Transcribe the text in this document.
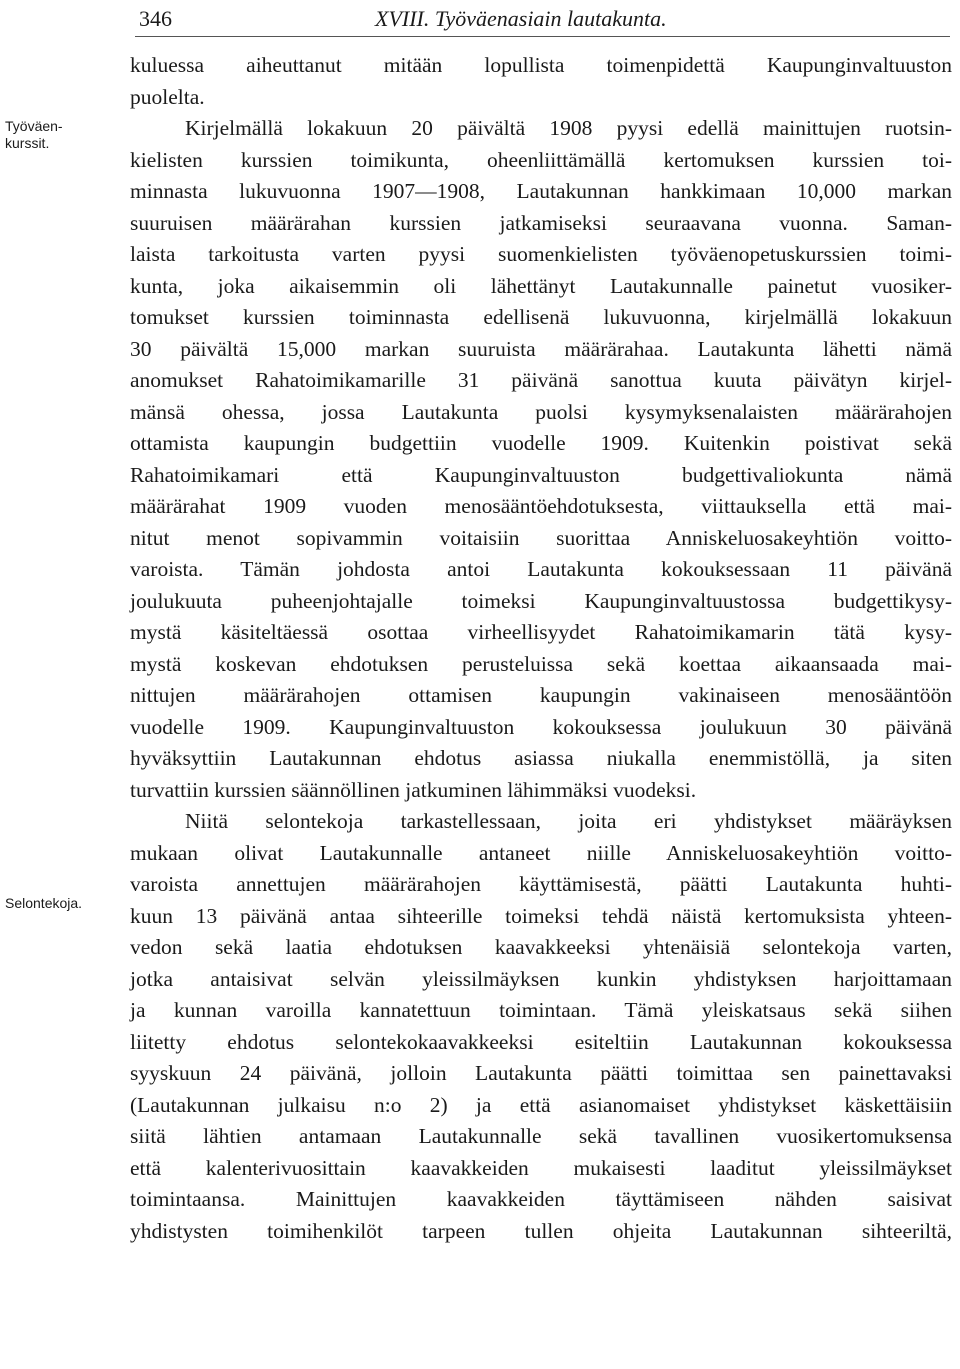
346	XVIII. Työväenasiain lautakunta.
Työväen-
kurssit.
Selontekoja.
kuluessa aiheuttanut mitään lopullista toimenpidettä Kaupunginvaltuuston
puolelta.
Kirjelmällä lokakuun 20 päivältä 1908 pyysi edellä mainittujen ruotsin-
kielisten kurssien toimikunta, oheenliittämällä kertomuksen kurssien toi-
minnasta lukuvuonna 1907—1908, Lautakunnan hankkimaan 10,000 markan
suuruisen määrärahan kurssien jatkamiseksi seuraavana vuonna. Saman-
laista tarkoitusta varten pyysi suomenkielisten työväenopetuskurssien toimi-
kunta, joka aikaisemmin oli lähettänyt Lautakunnalle painetut vuosiker-
tomukset kurssien toiminnasta edellisenä lukuvuonna, kirjelmällä lokakuun
30 päivältä 15,000 markan suuruista määrärahaa. Lautakunta lähetti nämä
anomukset Rahatoimikamarille 31 päivänä sanottua kuuta päivätyn kirjel-
mänsä ohessa, jossa Lautakunta puolsi kysymyksenalaisten määrärahojen
ottamista kaupungin budgettiin vuodelle 1909. Kuitenkin poistivat sekä
Rahatoimikamari että Kaupunginvaltuuston budgettivaliokunta nämä
määrärahat 1909 vuoden menosääntöehdotuksesta, viittauksella että mai-
nitut menot sopivammin voitaisiin suorittaa Anniskeluosakeyhtiön voitto-
varoista. Tämän johdosta antoi Lautakunta kokouksessaan 11 päivänä
joulukuuta puheenjohtajalle toimeksi Kaupunginvaltuustossa budgettikysy-
mystä käsiteltäessä osottaa virheellisyydet Rahatoimikamarin tätä kysy-
mystä koskevan ehdotuksen perusteluissa sekä koettaa aikaansaada mai-
nittujen määrärahojen ottamisen kaupungin vakinaiseen menosääntöön
vuodelle 1909. Kaupunginvaltuuston kokouksessa joulukuun 30 päivänä
hyväksyttiin Lautakunnan ehdotus asiassa niukalla enemmistöllä, ja siten
turvattiin kurssien säännöllinen jatkuminen lähimmäksi vuodeksi.
Niitä selontekoja tarkastellessaan, joita eri yhdistykset määräyksen
mukaan olivat Lautakunnalle antaneet niille Anniskeluosakeyhtiön voitto-
varoista annettujen määrärahojen käyttämisestä, päätti Lautakunta huhti-
kuun 13 päivänä antaa sihteerille toimeksi tehdä näistä kertomuksista yhteen-
vedon sekä laatia ehdotuksen kaavakkeeksi yhtenäisiä selontekoja varten,
jotka antaisivat selvän yleissilmäyksen kunkin yhdistyksen harjoittamaan
ja kunnan varoilla kannatettuun toimintaan. Tämä yleiskatsaus sekä siihen
liitetty ehdotus selontekokaavakkeeksi esiteltiin Lautakunnan kokouksessa
syyskuun 24 päivänä, jolloin Lautakunta päätti toimittaa sen painettavaksi
(Lautakunnan julkaisu n:o 2) ja että asianomaiset yhdistykset käskettäisiin
siitä lähtien antamaan Lautakunnalle sekä tavallinen vuosikertomuksensa
että kalenterivuosittain kaavakkeiden mukaisesti laaditut yleissilmäykset
toimintaansa. Mainittujen kaavakkeiden täyttämiseen nähden saisivat
yhdistysten toimihenkilöt tarpeen tullen ohjeita Lautakunnan sihteeriltä,
